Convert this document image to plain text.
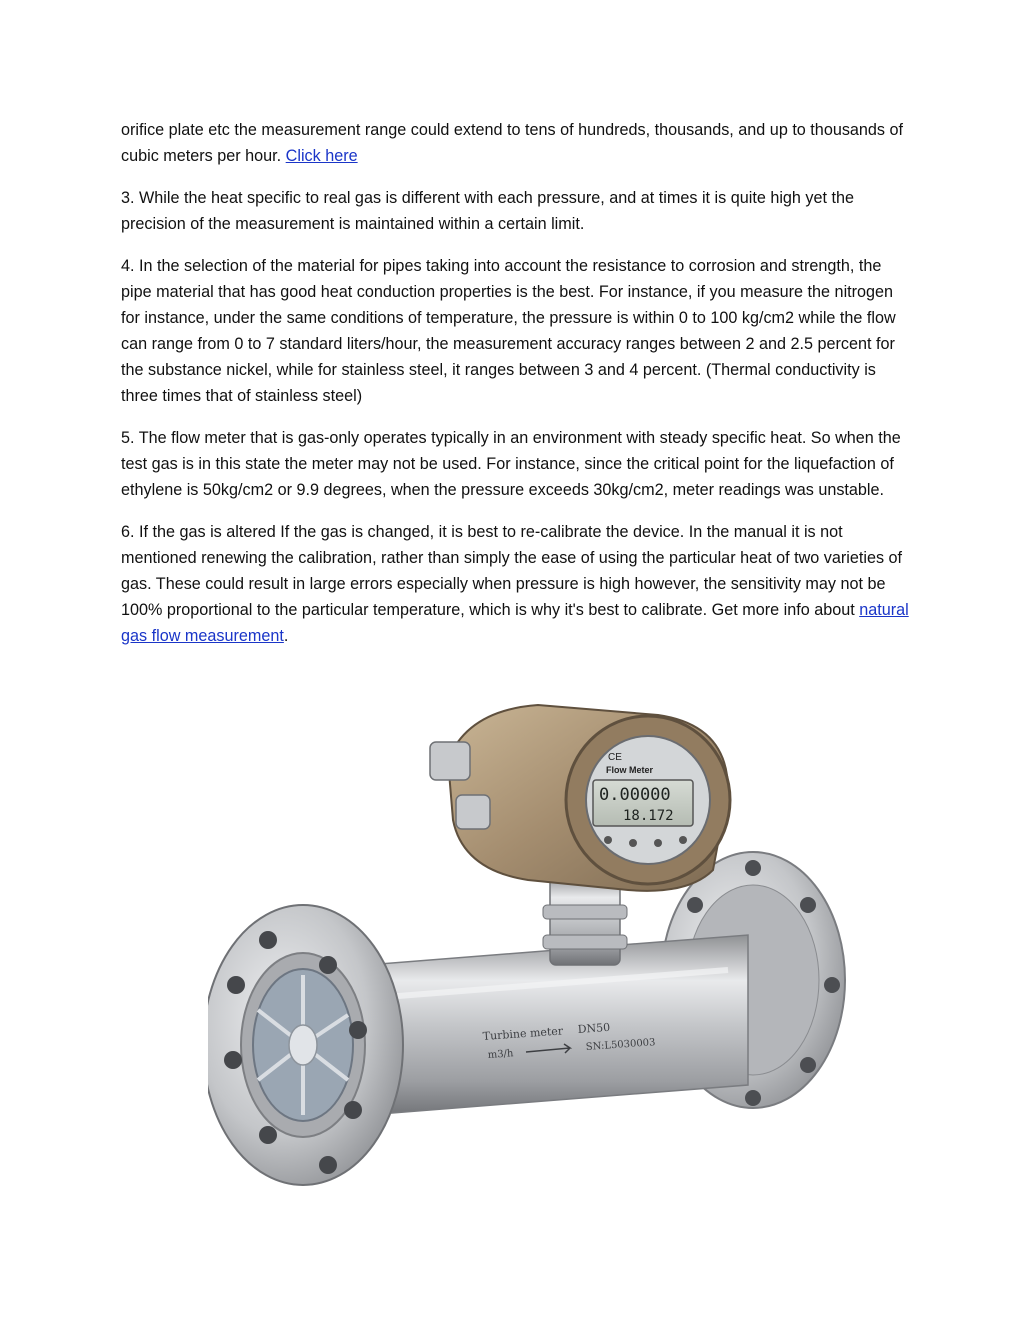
orifice plate etc the measurement range could extend to tens of hundreds, thousands, and up to thousands of cubic meters per hour. Click here

3. While the heat specific to real gas is different with each pressure, and at times it is quite high yet the precision of the measurement is maintained within a certain limit.

4. In the selection of the material for pipes taking into account the resistance to corrosion and strength, the pipe material that has good heat conduction properties is the best. For instance, if you measure the nitrogen for instance, under the same conditions of temperature, the pressure is within 0 to 100 kg/cm2 while the flow can range from 0 to 7 standard liters/hour, the measurement accuracy ranges between 2 and 2.5 percent for the substance nickel, while for stainless steel, it ranges between 3 and 4 percent. (Thermal conductivity is three times that of stainless steel)

5. The flow meter that is gas-only operates typically in an environment with steady specific heat. So when the test gas is in this state the meter may not be used. For instance, since the critical point for the liquefaction of ethylene is 50kg/cm2 or 9.9 degrees, when the pressure exceeds 30kg/cm2, meter readings was unstable.

6. If the gas is altered If the gas is changed, it is best to re-calibrate the device. In the manual it is not mentioned renewing the calibration, rather than simply the ease of using the particular heat of two varieties of gas. These could result in large errors especially when pressure is high however, the sensitivity may not be 100% proportional to the particular temperature, which is why it's best to calibrate. Get more info about natural gas flow measurement.

Turbine meter DN50
m3/h
SN:L5030003
CE
Flow Meter
0.00000
18.172
